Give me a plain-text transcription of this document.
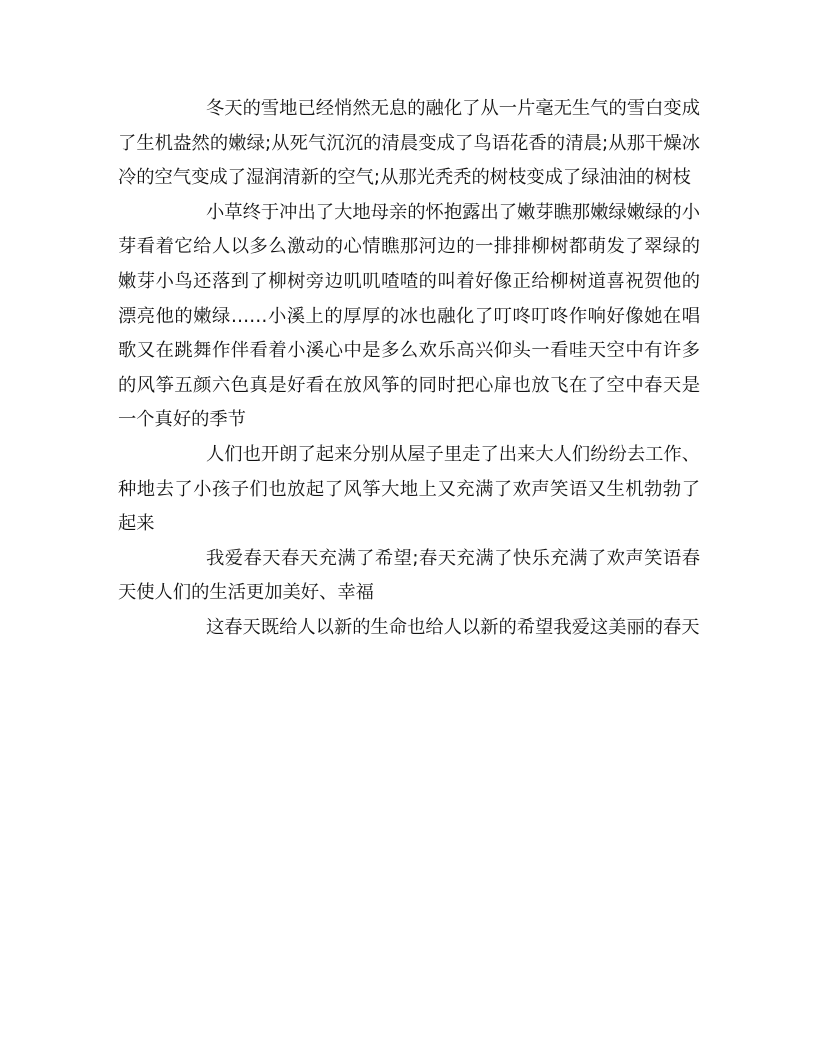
冬天的雪地已经悄然无息的融化了从一片毫无生气的雪白变成了生机盎然的嫩绿;从死气沉沉的清晨变成了鸟语花香的清晨;从那干燥冰冷的空气变成了湿润清新的空气;从那光秃秃的树枝变成了绿油油的树枝

小草终于冲出了大地母亲的怀抱露出了嫩芽瞧那嫩绿嫩绿的小芽看着它给人以多么激动的心情瞧那河边的一排排柳树都萌发了翠绿的嫩芽小鸟还落到了柳树旁边叽叽喳喳的叫着好像正给柳树道喜祝贺他的漂亮他的嫩绿……小溪上的厚厚的冰也融化了叮咚叮咚作响好像她在唱歌又在跳舞作伴看着小溪心中是多么欢乐高兴仰头一看哇天空中有许多的风筝五颜六色真是好看在放风筝的同时把心扉也放飞在了空中春天是一个真好的季节

人们也开朗了起来分别从屋子里走了出来大人们纷纷去工作、种地去了小孩子们也放起了风筝大地上又充满了欢声笑语又生机勃勃了起来

我爱春天春天充满了希望;春天充满了快乐充满了欢声笑语春天使人们的生活更加美好、幸福

这春天既给人以新的生命也给人以新的希望我爱这美丽的春天
